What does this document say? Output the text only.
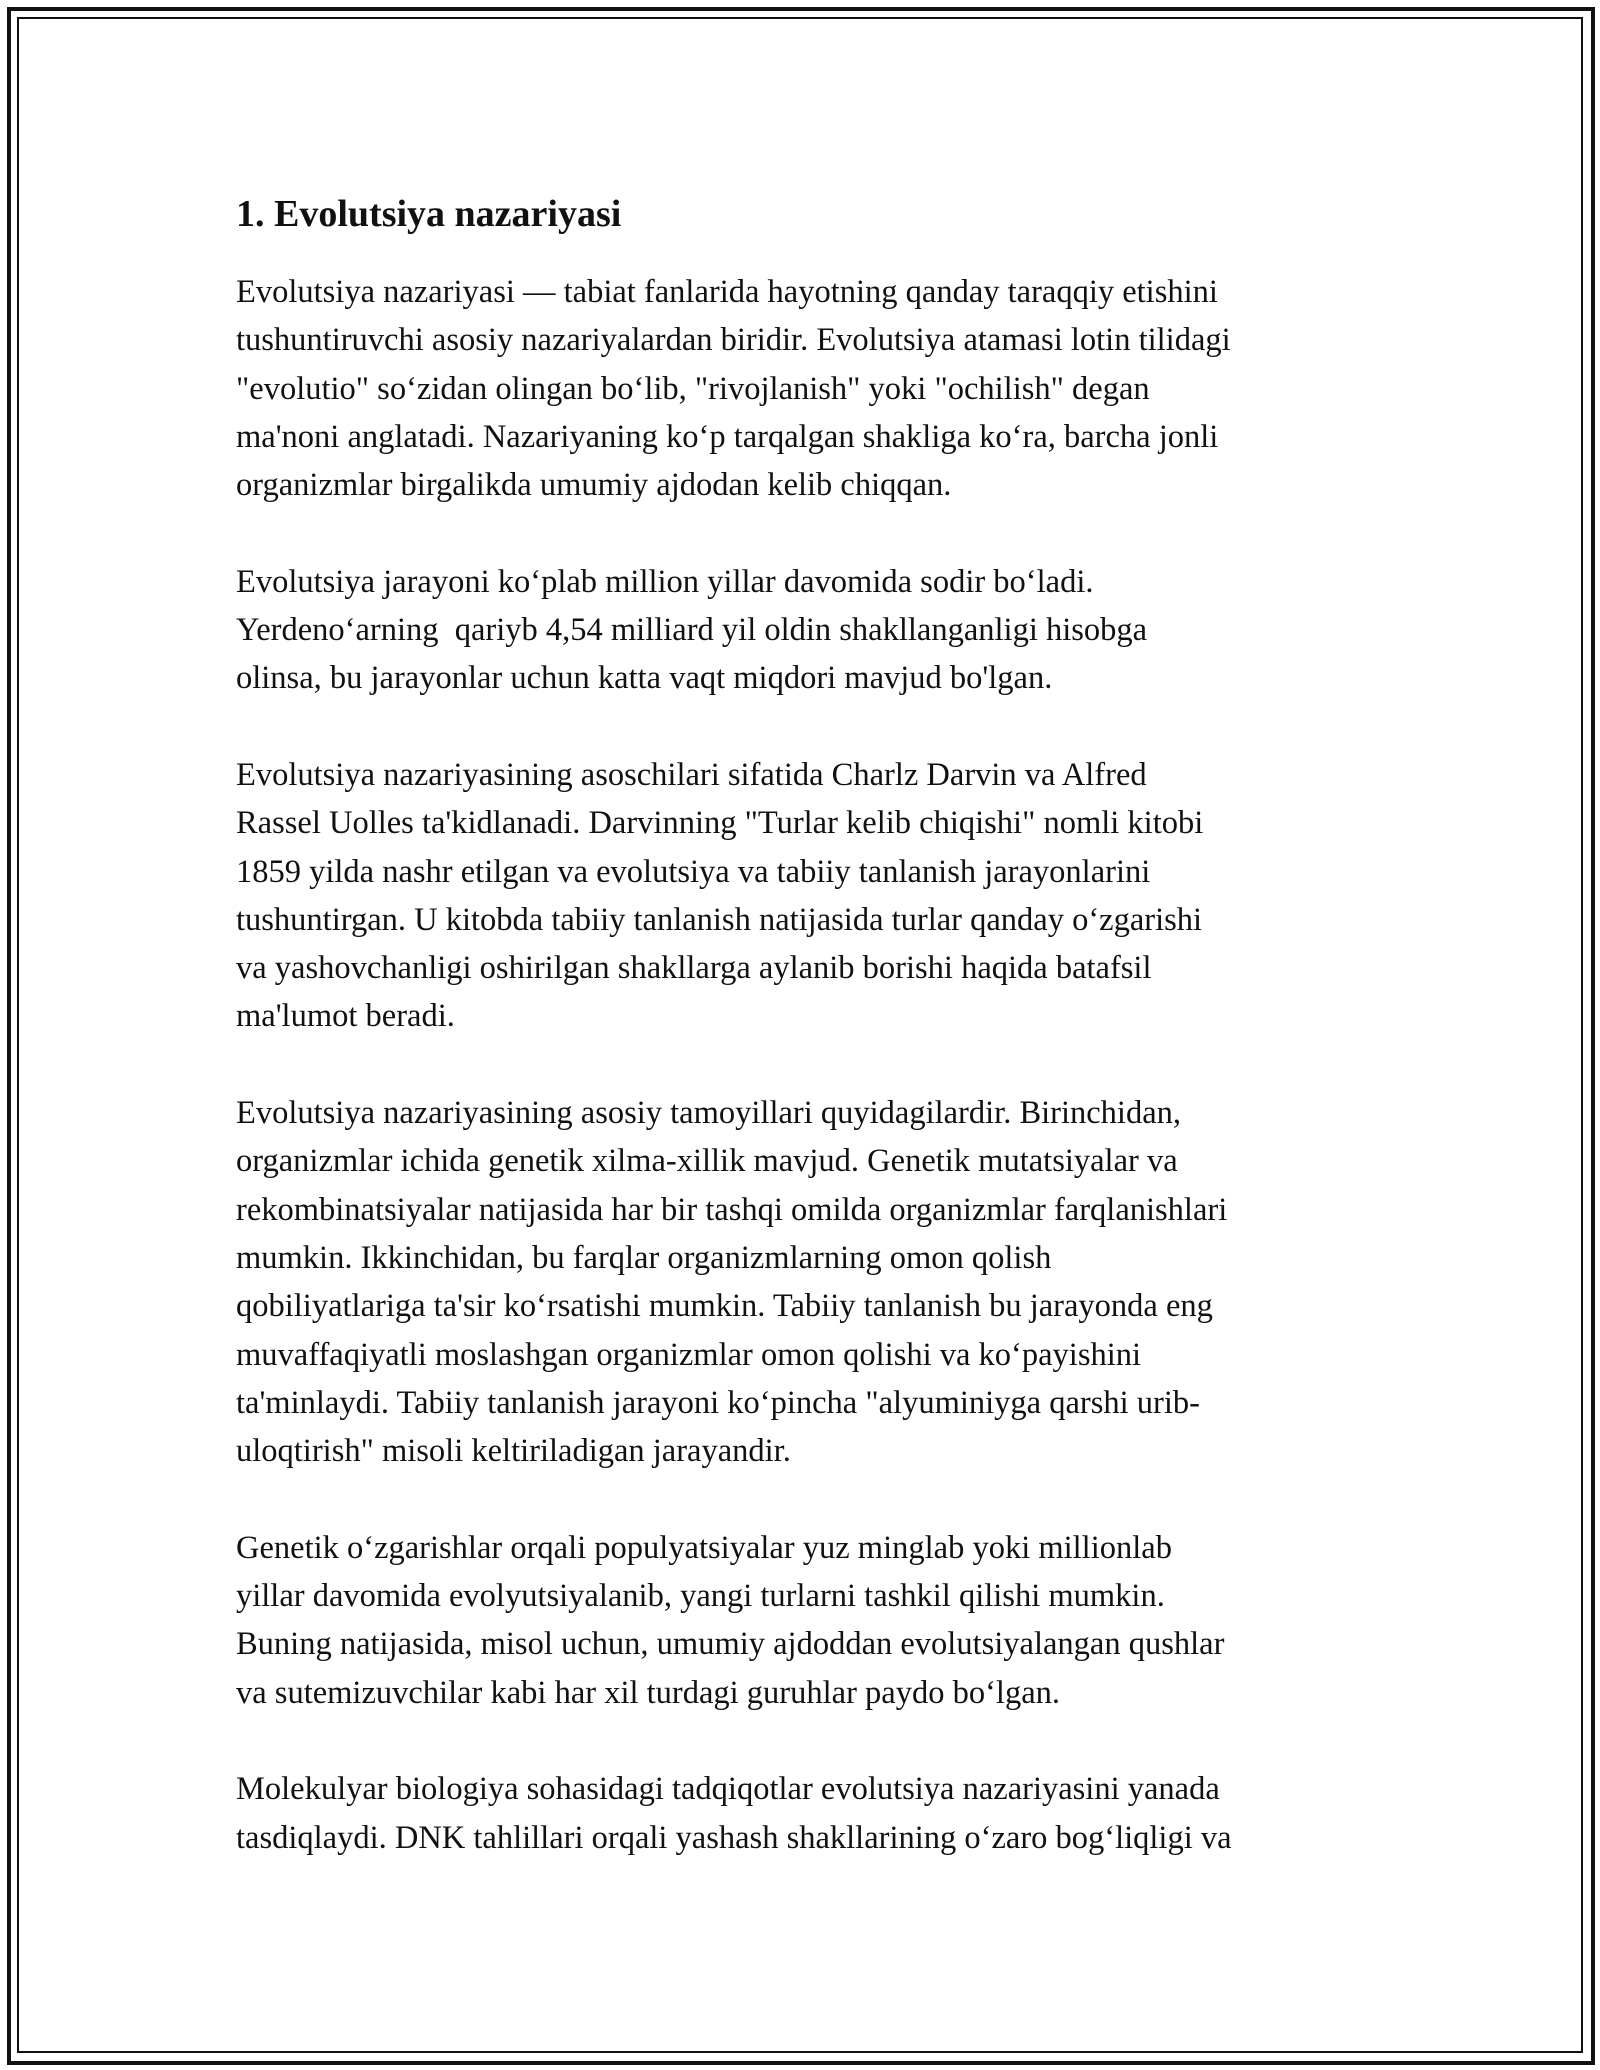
1. Evolutsiya nazariyasi

Evolutsiya nazariyasi — tabiat fanlarida hayotning qanday taraqqiy etishini
tushuntiruvchi asosiy nazariyalardan biridir. Evolutsiya atamasi lotin tilidagi
"evolutio" so‘zidan olingan bo‘lib, "rivojlanish" yoki "ochilish" degan
ma'noni anglatadi. Nazariyaning ko‘p tarqalgan shakliga ko‘ra, barcha jonli
organizmlar birgalikda umumiy ajdodan kelib chiqqan.

Evolutsiya jarayoni ko‘plab million yillar davomida sodir bo‘ladi.
Yerdeno‘arning  qariyb 4,54 milliard yil oldin shakllanganligi hisobga
olinsa, bu jarayonlar uchun katta vaqt miqdori mavjud bo'lgan.

Evolutsiya nazariyasining asoschilari sifatida Charlz Darvin va Alfred
Rassel Uolles ta'kidlanadi. Darvinning "Turlar kelib chiqishi" nomli kitobi
1859 yilda nashr etilgan va evolutsiya va tabiiy tanlanish jarayonlarini
tushuntirgan. U kitobda tabiiy tanlanish natijasida turlar qanday o‘zgarishi
va yashovchanligi oshirilgan shakllarga aylanib borishi haqida batafsil
ma'lumot beradi.

Evolutsiya nazariyasining asosiy tamoyillari quyidagilardir. Birinchidan,
organizmlar ichida genetik xilma-xillik mavjud. Genetik mutatsiyalar va
rekombinatsiyalar natijasida har bir tashqi omilda organizmlar farqlanishlari
mumkin. Ikkinchidan, bu farqlar organizmlarning omon qolish
qobiliyatlariga ta'sir ko‘rsatishi mumkin. Tabiiy tanlanish bu jarayonda eng
muvaffaqiyatli moslashgan organizmlar omon qolishi va ko‘payishini
ta'minlaydi. Tabiiy tanlanish jarayoni ko‘pincha "alyuminiyga qarshi urib-
uloqtirish" misoli keltiriladigan jarayandir.

Genetik o‘zgarishlar orqali populyatsiyalar yuz minglab yoki millionlab
yillar davomida evolyutsiyalanib, yangi turlarni tashkil qilishi mumkin.
Buning natijasida, misol uchun, umumiy ajdoddan evolutsiyalangan qushlar
va sutemizuvchilar kabi har xil turdagi guruhlar paydo bo‘lgan.

Molekulyar biologiya sohasidagi tadqiqotlar evolutsiya nazariyasini yanada
tasdiqlaydi. DNK tahlillari orqali yashash shakllarining o‘zaro bog‘liqligi va
